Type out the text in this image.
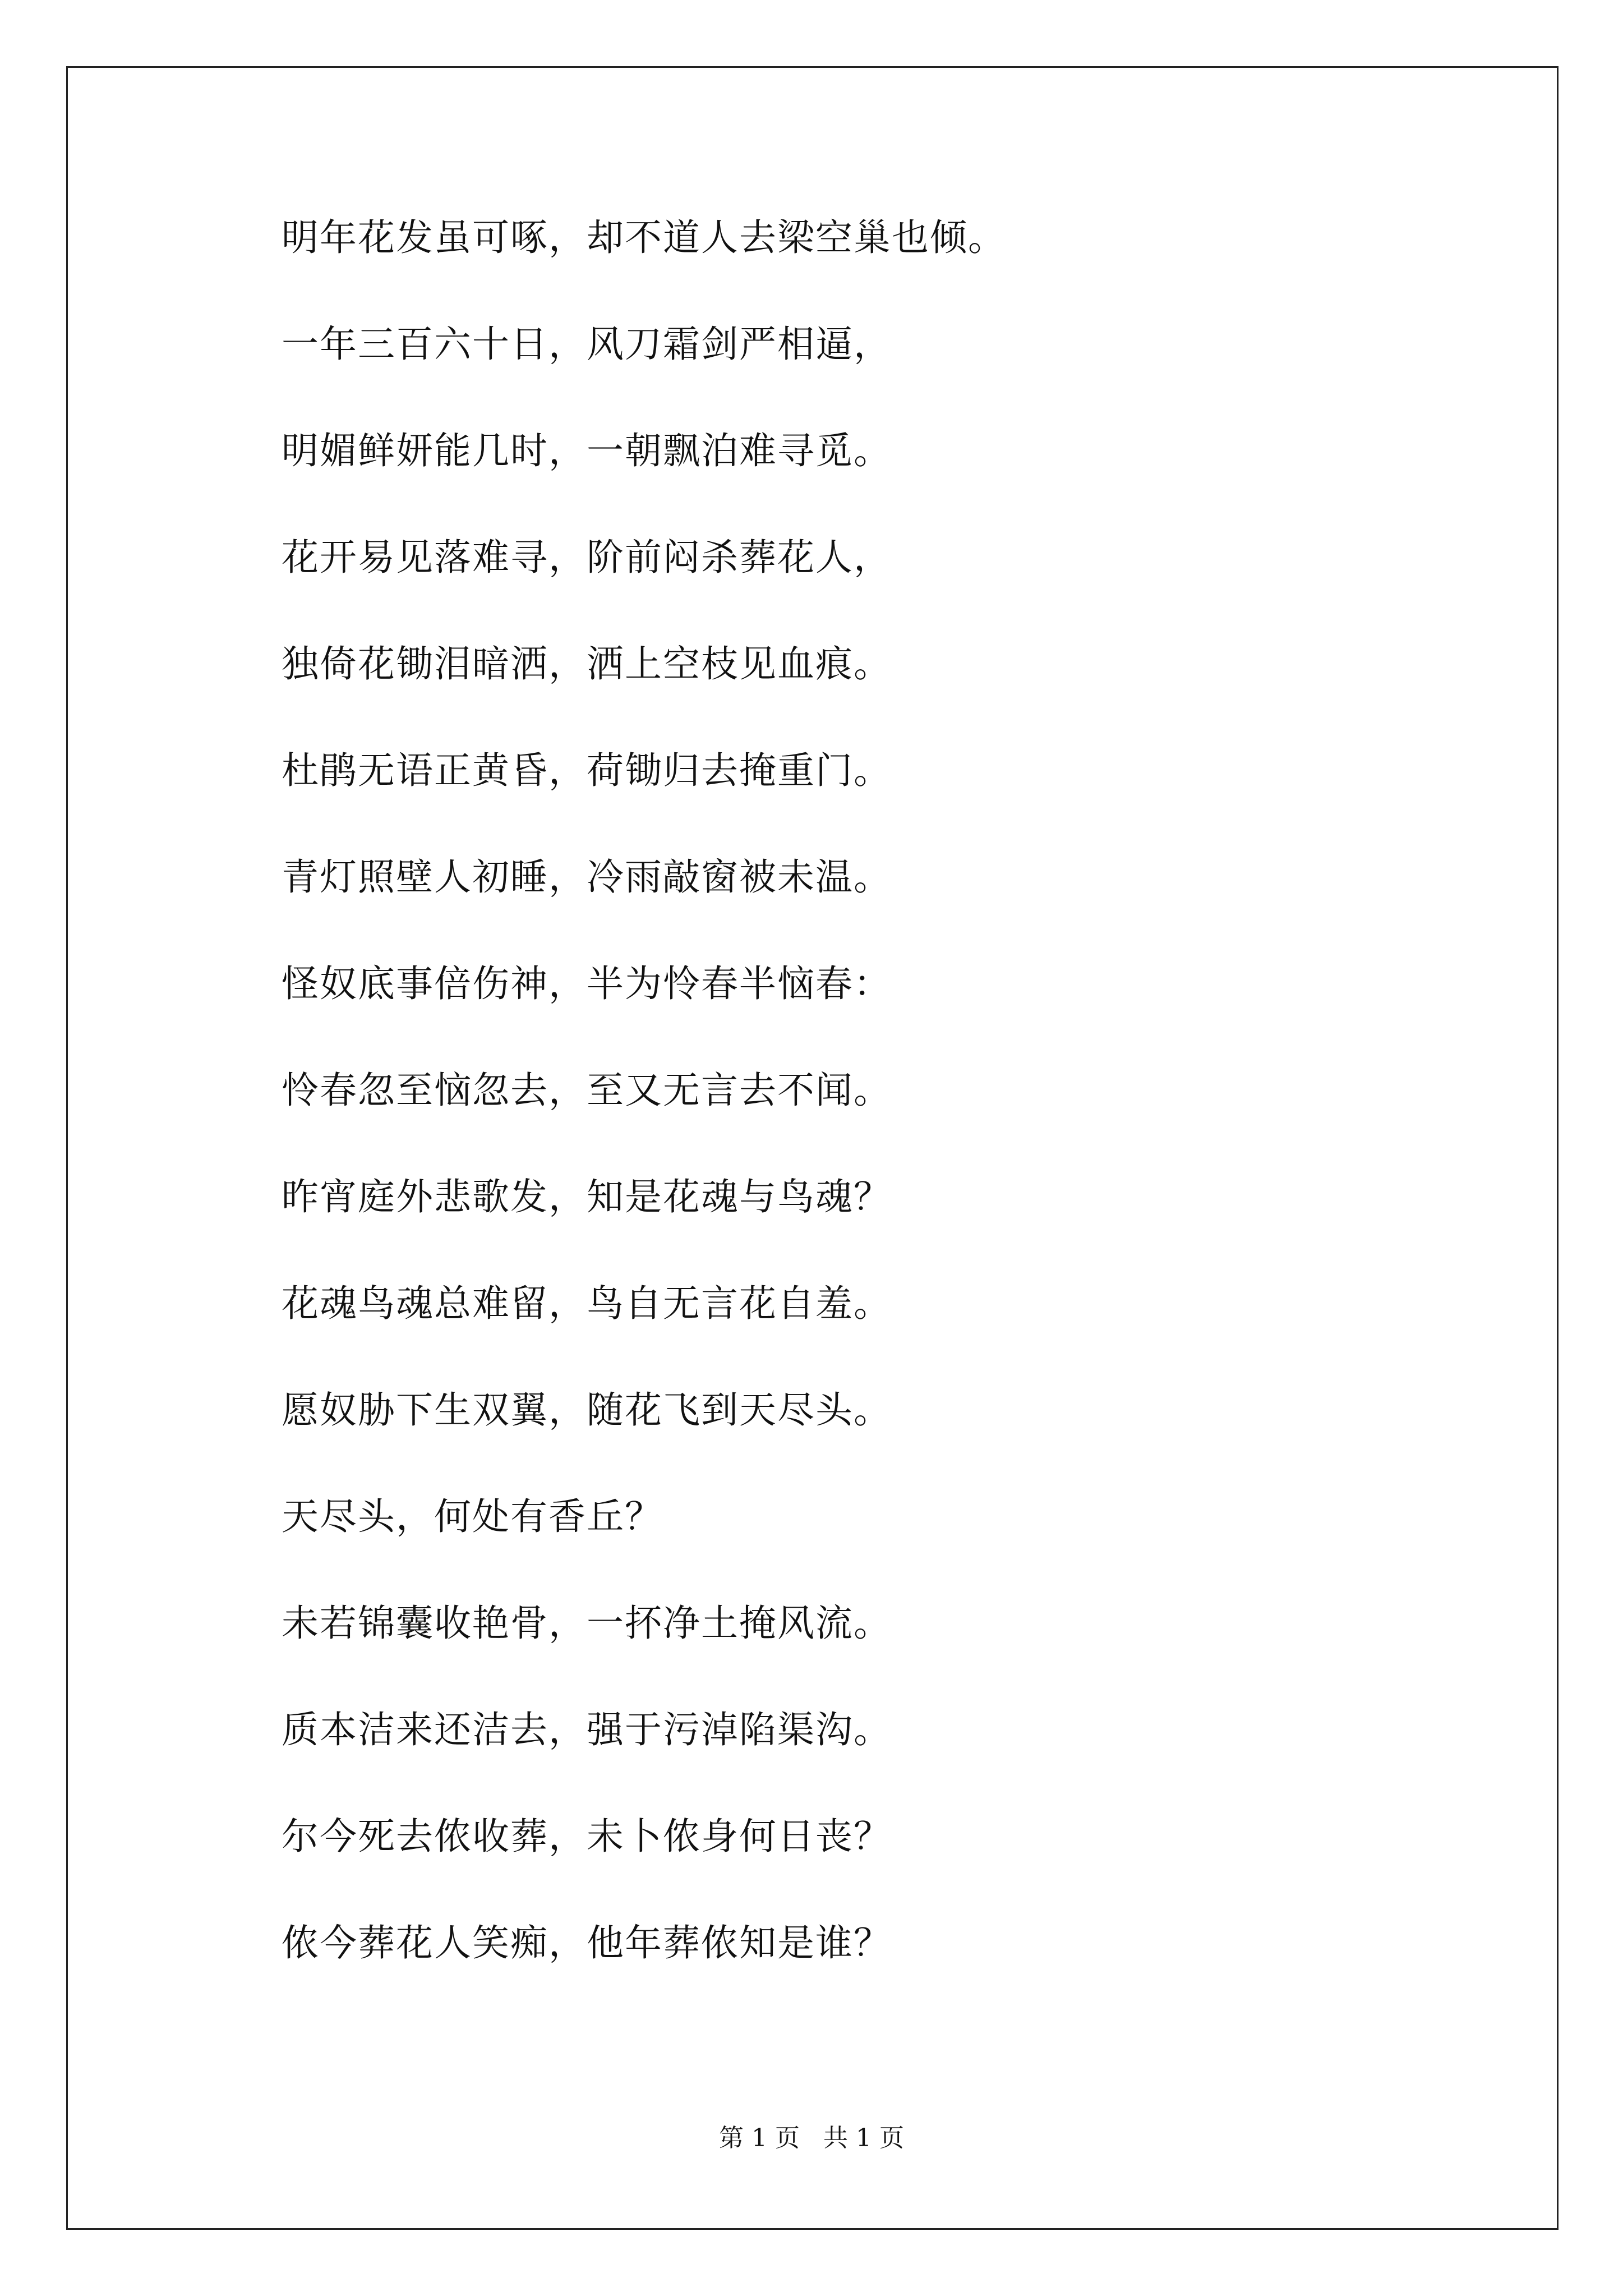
明年花发虽可啄，却不道人去梁空巢也倾。
一年三百六十日，风刀霜剑严相逼，
明媚鲜妍能几时，一朝飘泊难寻觅。
花开易见落难寻，阶前闷杀葬花人，
独倚花锄泪暗洒，洒上空枝见血痕。
杜鹃无语正黄昏，荷锄归去掩重门。
青灯照壁人初睡，冷雨敲窗被未温。
怪奴底事倍伤神，半为怜春半恼春：
怜春忽至恼忽去，至又无言去不闻。
昨宵庭外悲歌发，知是花魂与鸟魂？
花魂鸟魂总难留，鸟自无言花自羞。
愿奴胁下生双翼，随花飞到天尽头。
天尽头，何处有香丘？
未若锦囊收艳骨，一抔净土掩风流。
质本洁来还洁去，强于污淖陷渠沟。
尔今死去侬收葬，未卜侬身何日丧？
侬今葬花人笑痴，他年葬侬知是谁？
第 1 页   共 1 页
